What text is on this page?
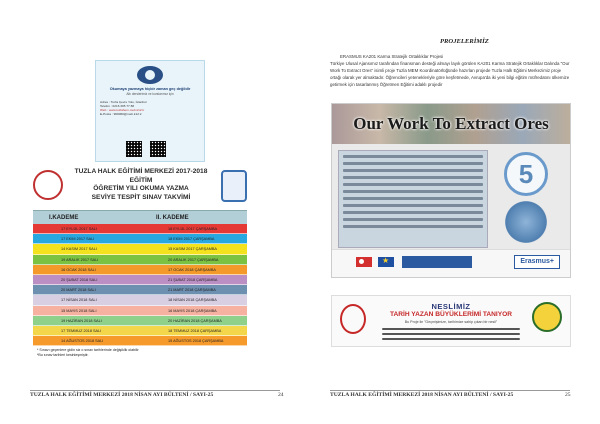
Okumaya yazmaya hiçbir zaman geç değildir
Altı derslerimiz ve kurslarımız için
Adres : Tuzla Çevre Yolu, İstanbul
Telefon : 0216 395 77 88
Web : www.tuzlahem.meb.k12.tr
E-Posta : 969060@meb.k12.tr
TUZLA HALK EĞİTİMİ MERKEZİ 2017-2018 EĞİTİM
ÖĞRETİM YILI OKUMA YAZMA
SEVİYE TESPİT SINAV TAKVİMİ
I.KADEME	II. KADEME
17 EYLÜL 2017 SALI	18 EYLÜL 2017 ÇARŞAMBA
17 EKİM 2017 SALI	18 EKİM 2017 ÇARŞAMBA
14 KASIM 2017 SALI	15 KASIM 2017 ÇARŞAMBA
19 ARALIK 2017 SALI	20 ARALIK 2017 ÇARŞAMBA
16 OCAK 2018 SALI	17 OCAK 2018 ÇARŞAMBA
20 ŞUBAT 2018 SALI	21 ŞUBAT 2018 ÇARŞAMBA
20 MART 2018 SALI	21 MART 2018 ÇARŞAMBA
17 NİSAN 2018 SALI	18 NİSAN 2018 ÇARŞAMBA
15 MAYIS 2018 SALI	16 MAYIS 2018 ÇARŞAMBA
19 HAZİRAN 2018 SALI	20 HAZİRAN 2018 ÇARŞAMBA
17 TEMMUZ 2018 SALI	18 TEMMUZ 2018 ÇARŞAMBA
14 AĞUSTOS 2018 SALI	15 AĞUSTOS 2018 ÇARŞAMBA
* Sınavı geçenlere gidin siz o sınav tarihlerinde değişiklik olabilir
*Bu sınav tarihleri kesinleşmiştir.
TUZLA HALK EĞİTİMİ MERKEZİ 2018 NİSAN AYI BÜLTENİ / SAYI-25	24
PROJELERİMİZ

ERASMUS KA201 Karma Stratejik Ortaklıklar Projesi

Türkiye Ulusal Ajansımız tarafından finansman desteği almayı layık görülen KA201 Karma Stratejik Ortaklıklar Dalında "Our Work To Extract Ores" isimli proje Tuzla MEM Koordinatörlüğünde hazırlan projede Tuzla Halk Eğitimi Merkezimiz proje ortağı olarak yer almaktadır. Öğrencileri yetenekleriyle göre keşfetmede, Avrupa'da iki yeni bilgi eğitim müfredatını ülkemize getirmek için tasarlanmış Öğretmen Eğitimi adaklı projedir
Our Work To Extract Ores
5
★
Erasmus+
NESLİMİZ
TARİH YAZAN BÜYÜKLERİMİ TANIYOR
Bu Proje ile "Geçmişimize, tarihimize sahip çıkan bir nesil"
TUZLA HALK EĞİTİMİ MERKEZİ 2018 NİSAN AYI BÜLTENİ / SAYI-25	25
